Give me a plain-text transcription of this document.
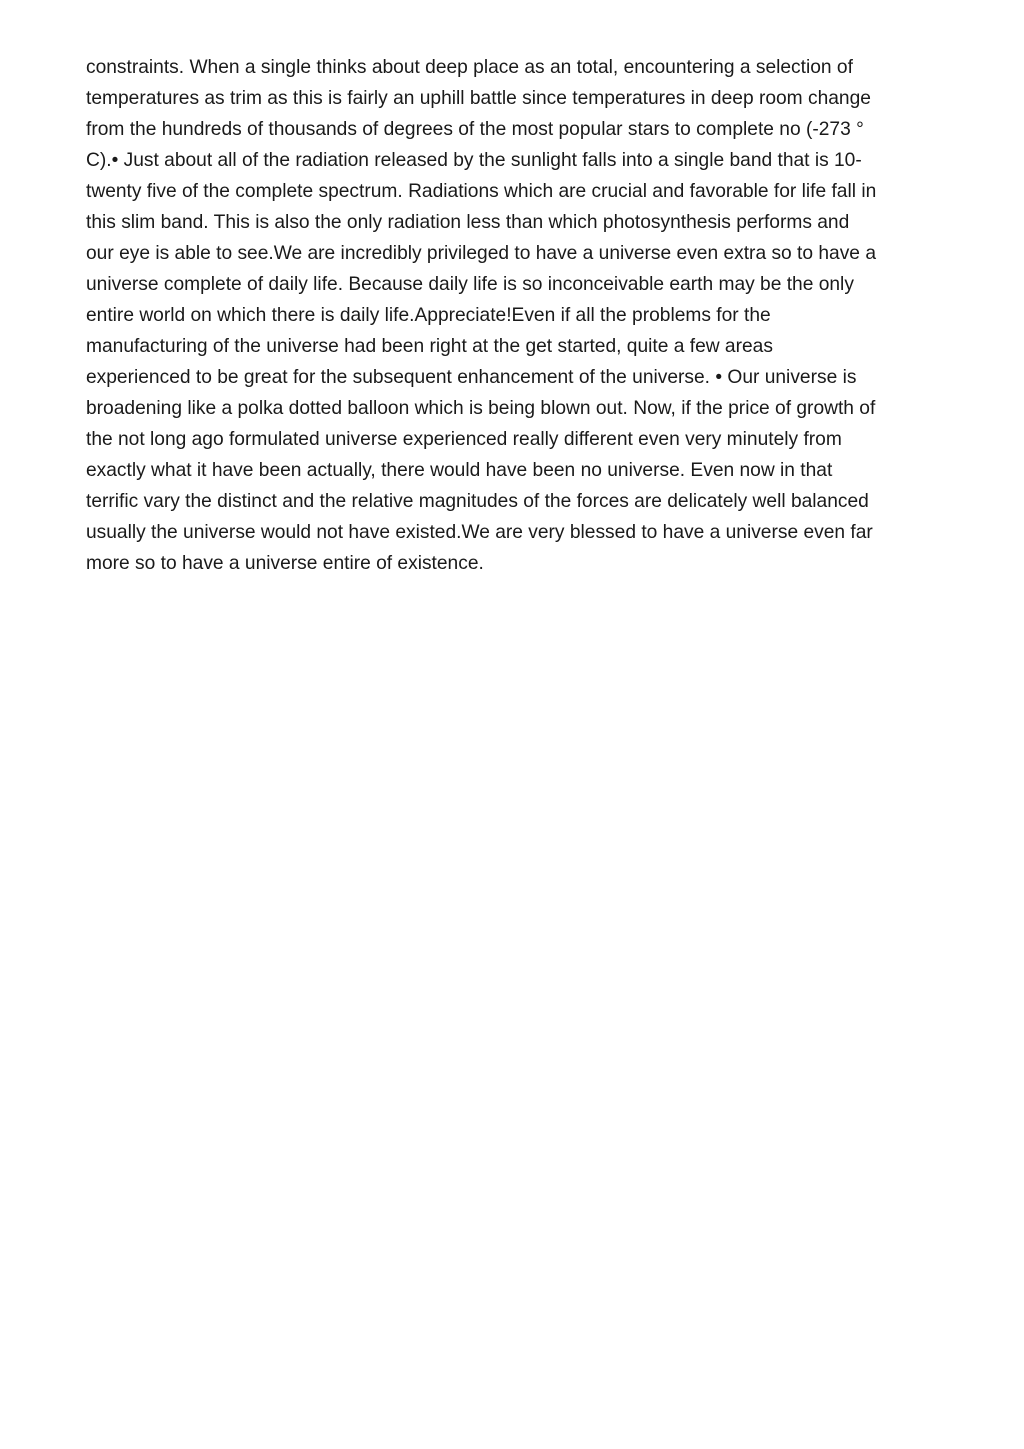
constraints. When a single thinks about deep place as an total, encountering a selection of
temperatures as trim as this is fairly an uphill battle since temperatures in deep room change
from the hundreds of thousands of degrees of the most popular stars to complete no (-273 °
C).• Just about all of the radiation released by the sunlight falls into a single band that is 10-
twenty five of the complete spectrum. Radiations which are crucial and favorable for life fall in
this slim band. This is also the only radiation less than which photosynthesis performs and
our eye is able to see.We are incredibly privileged to have a universe even extra so to have a
universe complete of daily life. Because daily life is so inconceivable earth may be the only
entire world on which there is daily life.Appreciate!Even if all the problems for the
manufacturing of the universe had been right at the get started, quite a few areas
experienced to be great for the subsequent enhancement of the universe. • Our universe is
broadening like a polka dotted balloon which is being blown out. Now, if the price of growth of
the not long ago formulated universe experienced really different even very minutely from
exactly what it have been actually, there would have been no universe. Even now in that
terrific vary the distinct and the relative magnitudes of the forces are delicately well balanced
usually the universe would not have existed.We are very blessed to have a universe even far
more so to have a universe entire of existence.
